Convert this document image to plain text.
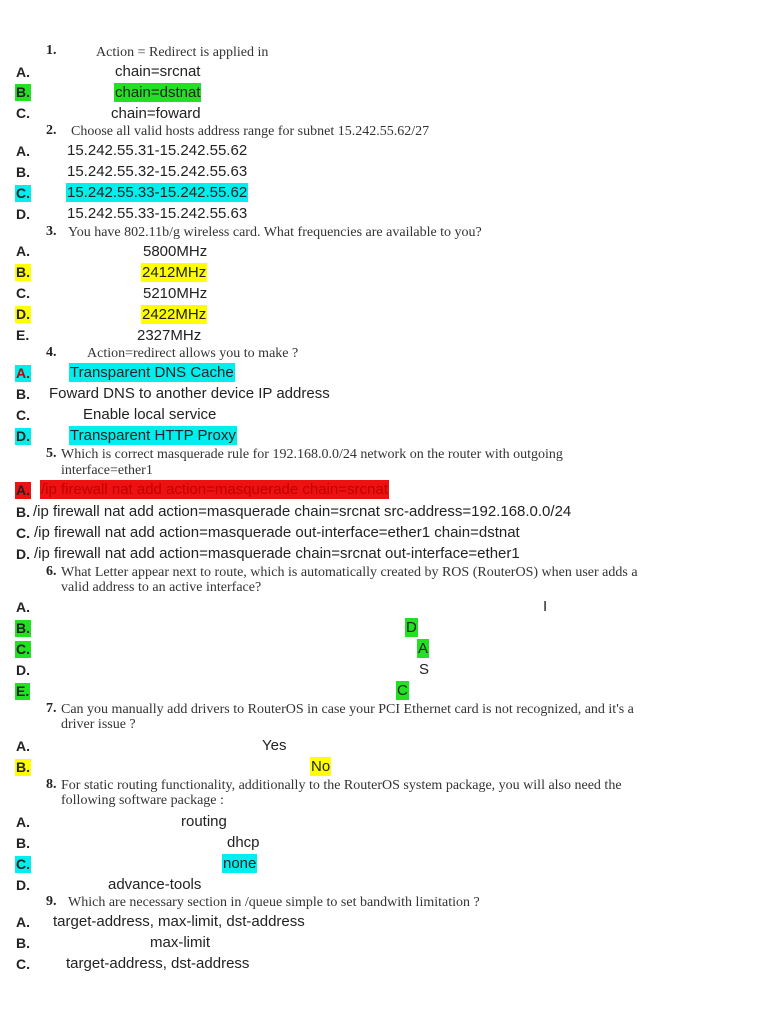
1.	Action = Redirect is applied in
A.	chain=srcnat
B.	chain=dstnat
C.	chain=foward
2. Choose all valid hosts address range for subnet 15.242.55.62/27
A. 15.242.55.31-15.242.55.62
B. 15.242.55.32-15.242.55.63
C. 15.242.55.33-15.242.55.62
D. 15.242.55.33-15.242.55.63
3. You have 802.11b/g wireless card. What frequencies are available to you?
A.	5800MHz
B.	2412MHz
C.	5210MHz
D.	2422MHz
E.	2327MHz
4. Action=redirect allows you to make ?
A.	Transparent DNS Cache
B. Foward DNS to another device IP address
C.	Enable local service
D.	Transparent HTTP Proxy
5. Which is correct masquerade rule for 192.168.0.0/24 network on the router with outgoing
interface=ether1
A. /ip firewall nat add action=masquerade chain=srcnat
B. /ip firewall nat add action=masquerade chain=srcnat src-address=192.168.0.0/24
C. /ip firewall nat add action=masquerade out-interface=ether1 chain=dstnat
D. /ip firewall nat add action=masquerade chain=srcnat out-interface=ether1
6. What Letter appear next to route, which is automatically created by ROS (RouterOS) when user adds a
valid address to an active interface?
A.	I
B.	D
C.	A
D.	S
E.	C
7. Can you manually add drivers to RouterOS in case your PCI Ethernet card is not recognized, and it's a
driver issue ?
A.	Yes
B.	No
8. For static routing functionality, additionally to the RouterOS system package, you will also need the
following software package :
A.	routing
B.	dhcp
C.	none
D.	advance-tools
9. Which are necessary section in /queue simple to set bandwith limitation ?
A. target-address, max-limit, dst-address
B.	max-limit
C. target-address, dst-address
